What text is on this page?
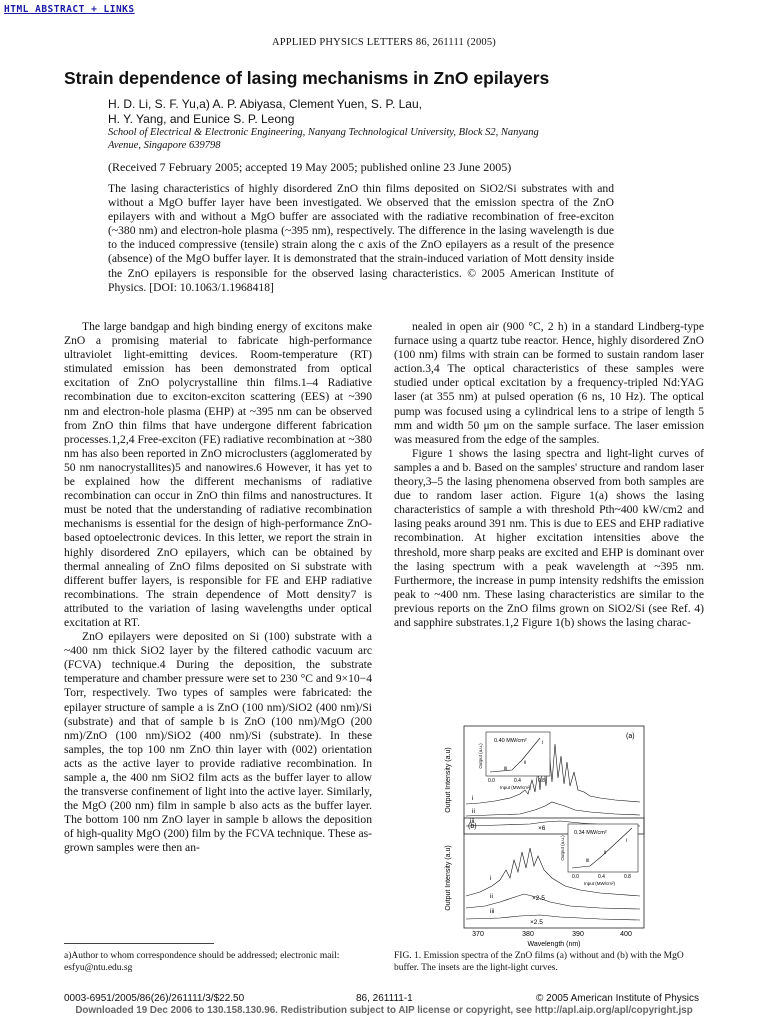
HTML ABSTRACT + LINKS
APPLIED PHYSICS LETTERS 86, 261111 (2005)
Strain dependence of lasing mechanisms in ZnO epilayers
H. D. Li, S. F. Yu,a) A. P. Abiyasa, Clement Yuen, S. P. Lau,
H. Y. Yang, and Eunice S. P. Leong
School of Electrical & Electronic Engineering, Nanyang Technological University, Block S2, Nanyang
Avenue, Singapore 639798
(Received 7 February 2005; accepted 19 May 2005; published online 23 June 2005)
The lasing characteristics of highly disordered ZnO thin films deposited on SiO2/Si substrates with and without a MgO buffer layer have been investigated. We observed that the emission spectra of the ZnO epilayers with and without a MgO buffer are associated with the radiative recombination of free-exciton (~380 nm) and electron-hole plasma (~395 nm), respectively. The difference in the lasing wavelength is due to the induced compressive (tensile) strain along the c axis of the ZnO epilayers as a result of the presence (absence) of the MgO buffer layer. It is demonstrated that the strain-induced variation of Mott density inside the ZnO epilayers is responsible for the observed lasing characteristics. © 2005 American Institute of Physics. [DOI: 10.1063/1.1968418]

The large bandgap and high binding energy of excitons make ZnO a promising material to fabricate high-performance ultraviolet light-emitting devices. Room-temperature (RT) stimulated emission has been demonstrated from optical excitation of ZnO polycrystalline thin films.1–4 Radiative recombination due to exciton-exciton scattering (EES) at ~390 nm and electron-hole plasma (EHP) at ~395 nm can be observed from ZnO thin films that have undergone different fabrication processes.1,2,4 Free-exciton (FE) radiative recombination at ~380 nm has also been reported in ZnO microclusters (agglomerated by 50 nm nanocrystallites)5 and nanowires.6 However, it has yet to be explained how the different mechanisms of radiative recombination can occur in ZnO thin films and nanostructures. It must be noted that the understanding of radiative recombination mechanisms is essential for the design of high-performance ZnO-based optoelectronic devices. In this letter, we report the strain in highly disordered ZnO epilayers, which can be obtained by thermal annealing of ZnO films deposited on Si substrate with different buffer layers, is responsible for FE and EHP radiative recombinations. The strain dependence of Mott density7 is attributed to the variation of lasing wavelengths under optical excitation at RT.

ZnO epilayers were deposited on Si (100) substrate with a ~400 nm thick SiO2 layer by the filtered cathodic vacuum arc (FCVA) technique.4 During the deposition, the substrate temperature and chamber pressure were set to 230 °C and 9×10−4 Torr, respectively. Two types of samples were fabricated: the epilayer structure of sample a is ZnO (100 nm)/SiO2 (400 nm)/Si (substrate) and that of sample b is ZnO (100 nm)/MgO (200 nm)/ZnO (100 nm)/SiO2 (400 nm)/Si (substrate). In these samples, the top 100 nm ZnO thin layer with (002) orientation acts as the active layer to provide radiative recombination. In sample a, the 400 nm SiO2 film acts as the buffer layer to allow the transverse confinement of light into the active layer. Similarly, the MgO (200 nm) film in sample b also acts as the buffer layer. The bottom 100 nm ZnO layer in sample b allows the deposition of high-quality MgO (200) film by the FCVA technique. These as-grown samples were then an-

nealed in open air (900 °C, 2 h) in a standard Lindberg-type furnace using a quartz tube reactor. Hence, highly disordered ZnO (100 nm) films with strain can be formed to sustain random laser action.3,4 The optical characteristics of these samples were studied under optical excitation by a frequency-tripled Nd:YAG laser (at 355 nm) at pulsed operation (6 ns, 10 Hz). The optical pump was focused using a cylindrical lens to a stripe of length 5 mm and width 50 μm on the sample surface. The laser emission was measured from the edge of the samples.

Figure 1 shows the lasing spectra and light-light curves of samples a and b. Based on the samples' structure and random laser theory,3–5 the lasing phenomena observed from both samples are due to random laser action. Figure 1(a) shows the lasing characteristics of sample a with threshold Pth~400 kW/cm2 and lasing peaks around 391 nm. This is due to EES and EHP radiative recombination. At higher excitation intensities above the threshold, more sharp peaks are excited and EHP is dominant over the lasing spectrum with a peak wavelength at ~395 nm. Furthermore, the increase in pump intensity redshifts the emission peak to ~400 nm. These lasing characteristics are similar to the previous reports on the ZnO films grown on SiO2/Si (see Ref. 4) and sapphire substrates.1,2 Figure 1(b) shows the lasing charac-

Output Intensity (a.u)
Output Intensity (a.u)
(a)
i
ii
iii
×6
0.40 MW/cm²
Output (a.u.)
i
ii
iii
0.0	0.4	0.8
Input (MW/cm²)
(b)
i
ii
iii
×2.5
×2.5
0.34 MW/cm²
Output (a.u.)	i
ii
iii
0.0	0.4	0.8
Input (MW/cm²)
370	380	390	400
Wavelength (nm)
a)Author to whom correspondence should be addressed; electronic mail: esfyu@ntu.edu.sg
FIG. 1. Emission spectra of the ZnO films (a) without and (b) with the MgO buffer. The insets are the light-light curves.
0003-6951/2005/86(26)/261111/3/$22.50	86, 261111-1	© 2005 American Institute of Physics
Downloaded 19 Dec 2006 to 130.158.130.96. Redistribution subject to AIP license or copyright, see http://apl.aip.org/apl/copyright.jsp
